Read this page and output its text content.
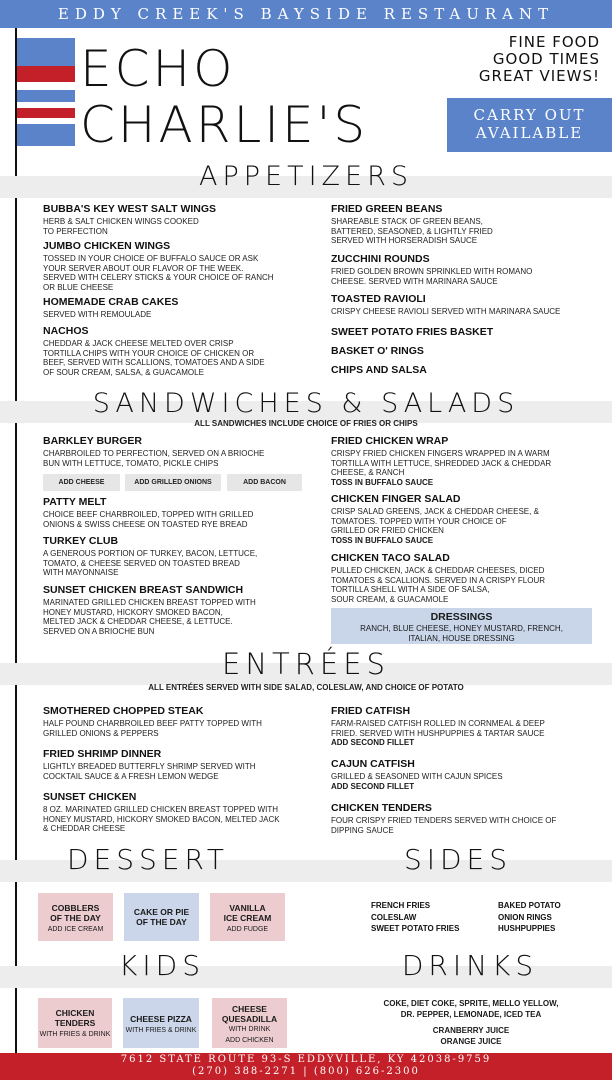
EDDY CREEK'S BAYSIDE RESTAURANT
ECHO
CHARLIE'S
FINE FOOD
GOOD TIMES
GREAT VIEWS!
CARRY OUT
AVAILABLE
APPETIZERS
BUBBA'S KEY WEST SALT WINGS
HERB & SALT CHICKEN WINGS COOKED
TO PERFECTION
JUMBO CHICKEN WINGS
TOSSED IN YOUR CHOICE OF BUFFALO SAUCE OR ASK
YOUR SERVER ABOUT OUR FLAVOR OF THE WEEK.
SERVED WITH CELERY STICKS & YOUR CHOICE OF RANCH
OR BLUE CHEESE
HOMEMADE CRAB CAKES
SERVED WITH REMOULADE
NACHOS
CHEDDAR & JACK CHEESE MELTED OVER CRISP
TORTILLA CHIPS WITH YOUR CHOICE OF CHICKEN OR
BEEF, SERVED WITH SCALLIONS, TOMATOES AND A SIDE
OF SOUR CREAM, SALSA, & GUACAMOLE
FRIED GREEN BEANS
SHAREABLE STACK OF GREEN BEANS,
BATTERED, SEASONED, & LIGHTLY FRIED
SERVED WITH HORSERADISH SAUCE
ZUCCHINI ROUNDS
FRIED GOLDEN BROWN SPRINKLED WITH ROMANO
CHEESE. SERVED WITH MARINARA SAUCE
TOASTED RAVIOLI
CRISPY CHEESE RAVIOLI SERVED WITH MARINARA SAUCE
SWEET POTATO FRIES BASKET
BASKET O' RINGS
CHIPS AND SALSA
SANDWICHES & SALADS
ALL SANDWICHES INCLUDE CHOICE OF FRIES OR CHIPS
BARKLEY BURGER
CHARBROILED TO PERFECTION, SERVED ON A BRIOCHE
BUN WITH LETTUCE, TOMATO, PICKLE CHIPS
ADD CHEESE	ADD GRILLED ONIONS	ADD BACON
PATTY MELT
CHOICE BEEF CHARBROILED, TOPPED WITH GRILLED
ONIONS & SWISS CHEESE ON TOASTED RYE BREAD
TURKEY CLUB
A GENEROUS PORTION OF TURKEY, BACON, LETTUCE,
TOMATO, & CHEESE SERVED ON TOASTED BREAD
WITH MAYONNAISE
SUNSET CHICKEN BREAST SANDWICH
MARINATED GRILLED CHICKEN BREAST TOPPED WITH
HONEY MUSTARD, HICKORY SMOKED BACON,
MELTED JACK & CHEDDAR CHEESE, & LETTUCE.
SERVED ON A BRIOCHE BUN
FRIED CHICKEN WRAP
CRISPY FRIED CHICKEN FINGERS WRAPPED IN A WARM
TORTILLA WITH LETTUCE, SHREDDED JACK & CHEDDAR
CHEESE, & RANCH
TOSS IN BUFFALO SAUCE
CHICKEN FINGER SALAD
CRISP SALAD GREENS, JACK & CHEDDAR CHEESE, &
TOMATOES. TOPPED WITH YOUR CHOICE OF
GRILLED OR FRIED CHICKEN
TOSS IN BUFFALO SAUCE
CHICKEN TACO SALAD
PULLED CHICKEN, JACK & CHEDDAR CHEESES, DICED
TOMATOES & SCALLIONS. SERVED IN A CRISPY FLOUR
TORTILLA SHELL WITH A SIDE OF SALSA,
SOUR CREAM, & GUACAMOLE
DRESSINGS
RANCH, BLUE CHEESE, HONEY MUSTARD, FRENCH,
ITALIAN, HOUSE DRESSING
ENTRÉES
ALL ENTRÉES SERVED WITH SIDE SALAD, COLESLAW, AND CHOICE OF POTATO
SMOTHERED CHOPPED STEAK
HALF POUND CHARBROILED BEEF PATTY TOPPED WITH
GRILLED ONIONS & PEPPERS
FRIED SHRIMP DINNER
LIGHTLY BREADED BUTTERFLY SHRIMP SERVED WITH
COCKTAIL SAUCE & A FRESH LEMON WEDGE
SUNSET CHICKEN
8 OZ. MARINATED GRILLED CHICKEN BREAST TOPPED WITH
HONEY MUSTARD, HICKORY SMOKED BACON, MELTED JACK
& CHEDDAR CHEESE
FRIED CATFISH
FARM-RAISED CATFISH ROLLED IN CORNMEAL & DEEP
FRIED. SERVED WITH HUSHPUPPIES & TARTAR SAUCE
ADD SECOND FILLET
CAJUN CATFISH
GRILLED & SEASONED WITH CAJUN SPICES
ADD SECOND FILLET
CHICKEN TENDERS
FOUR CRISPY FRIED TENDERS SERVED WITH CHOICE OF
DIPPING SAUCE
DESSERT	SIDES
COBBLERS
OF THE DAY
ADD ICE CREAM
CAKE OR PIE
OF THE DAY
VANILLA
ICE CREAM
ADD FUDGE
FRENCH FRIES
COLESLAW
SWEET POTATO FRIES
BAKED POTATO
ONION RINGS
HUSHPUPPIES
KIDS	DRINKS
CHICKEN
TENDERS
WITH FRIES & DRINK
CHEESE PIZZA
WITH FRIES & DRINK
CHEESE
QUESADILLA
WITH DRINK
ADD CHICKEN
COKE, DIET COKE, SPRITE, MELLO YELLOW,
DR. PEPPER, LEMONADE, ICED TEA
CRANBERRY JUICE
ORANGE JUICE
7612 STATE ROUTE 93-S EDDYVILLE, KY 42038-9759
(270) 388-2271 | (800) 626-2300
